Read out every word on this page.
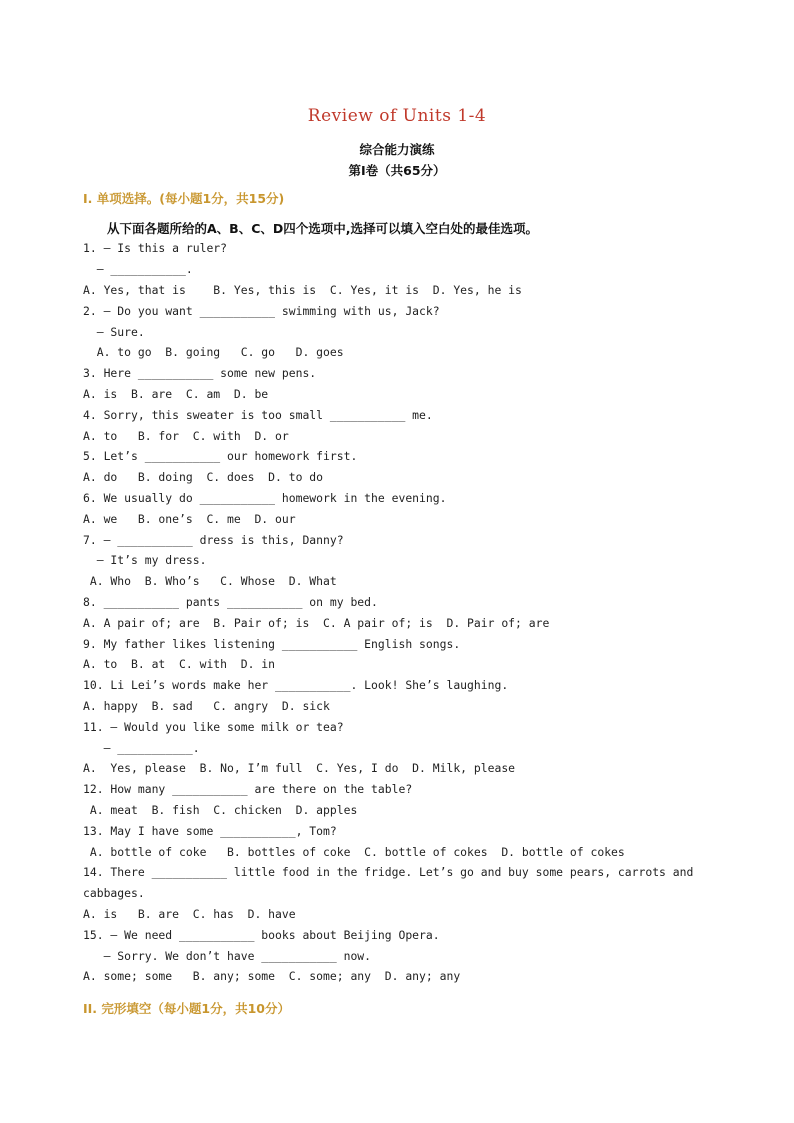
Review of Units 1-4
综合能力演练
第Ⅰ卷（共65分）
I. 单项选择。(每小题1分，共15分)
从下面各题所给的A、B、C、D四个选项中,选择可以填入空白处的最佳选项。
1. — Is this a ruler?
— ___________.
A. Yes, that is    B. Yes, this is  C. Yes, it is  D. Yes, he is
2. — Do you want ___________ swimming with us, Jack?
— Sure.
A. to go  B. going   C. go   D. goes
3. Here ___________ some new pens.
A. is  B. are  C. am  D. be
4. Sorry, this sweater is too small ___________ me.
A. to   B. for  C. with  D. or
5. Let’s ___________ our homework first.
A. do   B. doing  C. does  D. to do
6. We usually do ___________ homework in the evening.
A. we   B. one’s  C. me  D. our
7. — ___________ dress is this, Danny?
— It’s my dress.
A. Who  B. Who’s   C. Whose  D. What
8. ___________ pants ___________ on my bed.
A. A pair of; are  B. Pair of; is  C. A pair of; is  D. Pair of; are
9. My father likes listening ___________ English songs.
A. to  B. at  C. with  D. in
10. Li Lei’s words make her ___________. Look! She’s laughing.
A. happy  B. sad   C. angry  D. sick
11. — Would you like some milk or tea?
— ___________.
A.  Yes, please  B. No, I’m full  C. Yes, I do  D. Milk, please
12. How many ___________ are there on the table?
A. meat  B. fish  C. chicken  D. apples
13. May I have some ___________, Tom?
A. bottle of coke   B. bottles of coke  C. bottle of cokes  D. bottle of cokes
14. There ___________ little food in the fridge. Let’s go and buy some pears, carrots and cabbages.
A. is   B. are  C. has  D. have
15. — We need ___________ books about Beijing Opera.
— Sorry. We don’t have ___________ now.
A. some; some   B. any; some  C. some; any  D. any; any
II. 完形填空（每小题1分，共10分）
